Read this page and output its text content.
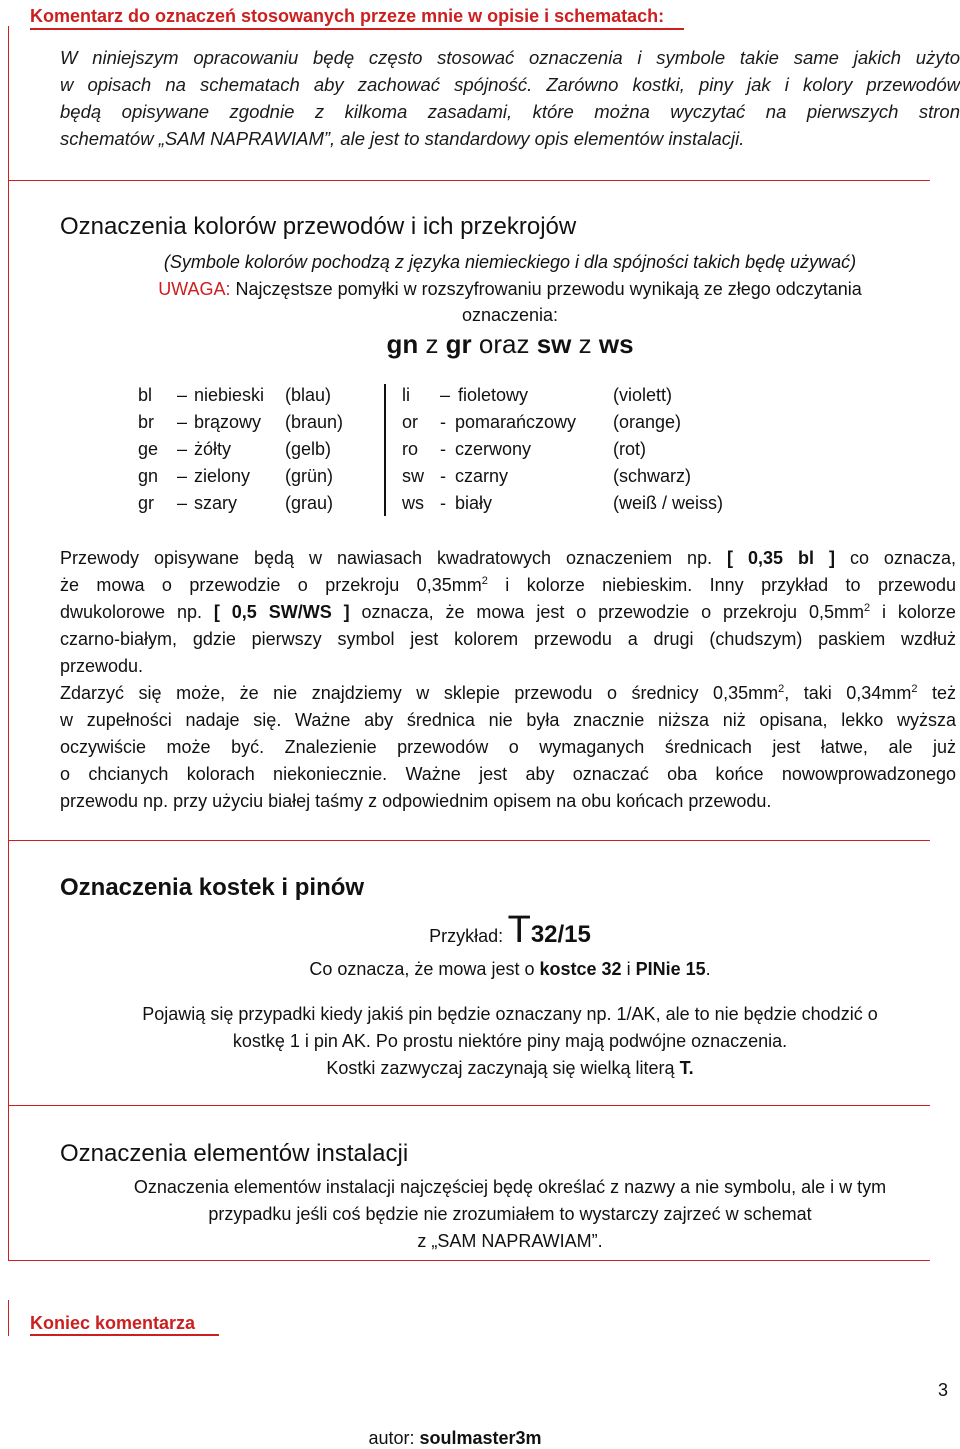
Komentarz do oznaczeń stosowanych przeze mnie w opisie i schematach:
W niniejszym opracowaniu będę często stosować oznaczenia i symbole takie same jakich użyto
w opisach na schematach aby zachować spójność. Zarówno kostki, piny jak i kolory przewodów
będą opisywane zgodnie z kilkoma zasadami, które można wyczytać na pierwszych stron
schematów „SAM NAPRAWIAM”, ale jest to standardowy opis elementów instalacji.
Oznaczenia kolorów przewodów i ich przekrojów
(Symbole kolorów pochodzą z języka niemieckiego i dla spójności takich będę używać)
UWAGA: Najczęstsze pomyłki w rozszyfrowaniu przewodu wynikają ze złego odczytania
oznaczenia:
gn z gr oraz sw z ws
bl – niebieski (blau)	li – fioletowy	(violett)
br – brązowy (braun)	or - pomarańczowy (orange)
ge – żółty	(gelb)	ro - czerwony	(rot)
gn – zielony (grün)	sw - czarny	(schwarz)
gr – szary	(grau)	ws - biały	(weiß / weiss)
Przewody opisywane będą w nawiasach kwadratowych oznaczeniem np. [ 0,35 bl ] co oznacza,
że mowa o przewodzie o przekroju $0,35mm^2$ i kolorze niebieskim. Inny przykład to przewodu
dwukolorowe np. [ 0,5 SW/WS ] oznacza, że mowa jest o przewodzie o przekroju $0,5mm^2$ i kolorze
czarno-białym, gdzie pierwszy symbol jest kolorem przewodu a drugi (chudszym) paskiem wzdłuż
przewodu.
Zdarzyć się może, że nie znajdziemy w sklepie przewodu o średnicy $0,35mm^2$, taki $0,34mm^2$ też
w zupełności nadaje się. Ważne aby średnica nie była znacznie niższa niż opisana, lekko wyższa
oczywiście może być. Znalezienie przewodów o wymaganych średnicach jest łatwe, ale już
o chcianych kolorach niekoniecznie. Ważne jest aby oznaczać oba końce nowowprowadzonego
przewodu np. przy użyciu białej taśmy z odpowiednim opisem na obu końcach przewodu.
Oznaczenia kostek i pinów
Przykład: T32/15
Co oznacza, że mowa jest o kostce 32 i PINie 15.
Pojawią się przypadki kiedy jakiś pin będzie oznaczany np. 1/AK, ale to nie będzie chodzić o
kostkę 1 i pin AK. Po prostu niektóre piny mają podwójne oznaczenia.
Kostki zazwyczaj zaczynają się wielką literą T.
Oznaczenia elementów instalacji
Oznaczenia elementów instalacji najczęściej będę określać z nazwy a nie symbolu, ale i w tym
przypadku jeśli coś będzie nie zrozumiałem to wystarczy zajrzeć w schemat
z „SAM NAPRAWIAM”.
Koniec komentarza
3
autor: soulmaster3m
